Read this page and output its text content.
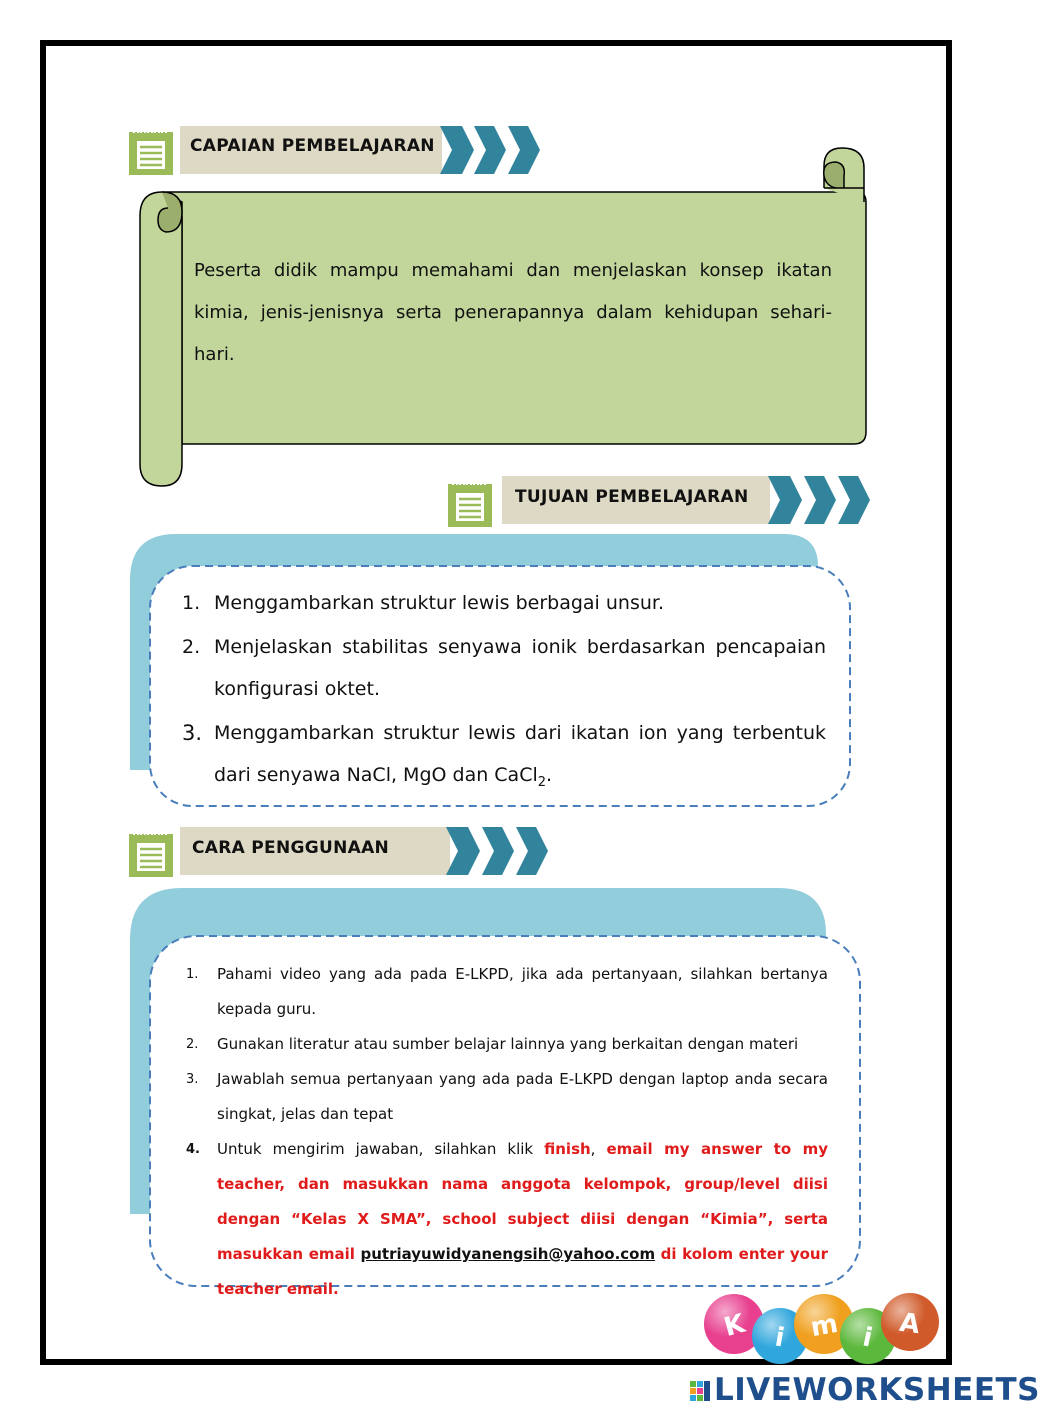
CAPAIAN PEMBELAJARAN
Peserta didik mampu memahami dan menjelaskan konsep ikatan kimia, jenis-jenisnya serta penerapannya dalam kehidupan sehari-hari.
TUJUAN PEMBELAJARAN
1. Menggambarkan struktur lewis berbagai unsur.
2. Menjelaskan stabilitas senyawa ionik berdasarkan pencapaian konfigurasi oktet.
3. Menggambarkan struktur lewis dari ikatan ion yang terbentuk dari senyawa NaCl, MgO dan CaCl$_2$.
CARA PENGGUNAAN
1. Pahami video yang ada pada E-LKPD, jika ada pertanyaan, silahkan bertanya kepada guru.
2. Gunakan literatur atau sumber belajar lainnya yang berkaitan dengan materi
3. Jawablah semua pertanyaan yang ada pada E-LKPD dengan laptop anda secara singkat, jelas dan tepat
4. Untuk mengirim jawaban, silahkan klik finish, email my answer to my teacher, dan masukkan nama anggota kelompok, group/level diisi dengan “Kelas X SMA”, school subject diisi dengan “Kimia”, serta masukkan email putriayuwidyanengsih@yahoo.com di kolom enter your teacher email.
K i m i A
LIVEWORKSHEETS
